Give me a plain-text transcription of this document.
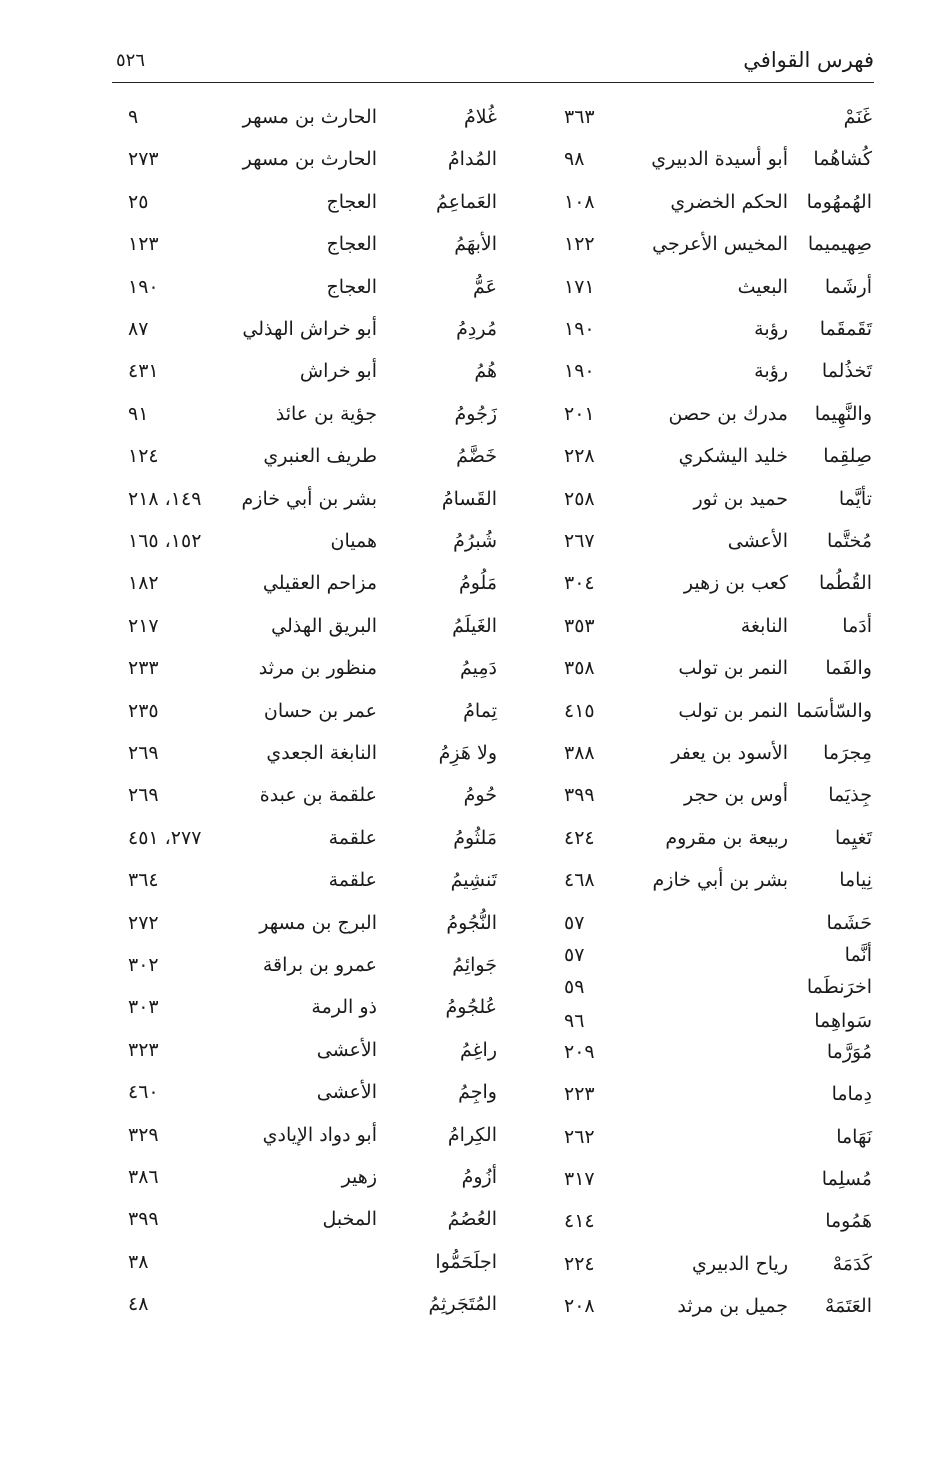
فهرس القوافي
٥٢٦
غَنَمْ
٣٦٣
كُشاهُما
أبو أسيدة الدبيري
٩٨
الهُمهُوما
الحكم الخضري
١٠٨
صِهيميما
المخيس الأعرجي
١٢٢
أرشَما
البعيث
١٧١
تَقَمقَما
رؤبة
١٩٠
تَخذُلما
رؤبة
١٩٠
والنَّهِيما
مدرك بن حصن
٢٠١
صِلقِما
خليد اليشكري
٢٢٨
تأيَّما
حميد بن ثور
٢٥٨
مُختَّما
الأعشى
٢٦٧
القُطُما
كعب بن زهير
٣٠٤
أدَما
النابغة
٣٥٣
والفَما
النمر بن تولب
٣٥٨
والسّأسَما
النمر بن تولب
٤١٥
مِجرَما
الأسود بن يعفر
٣٨٨
جِذيَما
أوس بن حجر
٣٩٩
تَغيِما
ربيعة بن مقروم
٤٢٤
نِياما
بشر بن أبي خازم
٤٦٨
حَشَما
٥٧
أنَّما
٥٧
اخرَنطَما
٥٩
سَواهِما
٩٦
مُوَرَّما
٢٠٩
دِماما
٢٢٣
نَهَاما
٢٦٢
مُسلِما
٣١٧
هَمُوما
٤١٤
كَدَمَهْ
رياح الدبيري
٢٢٤
العَتَمَهْ
جميل بن مرثد
٢٠٨
غُلامُ
الحارث بن مسهر
٩
المُدامُ
الحارث بن مسهر
٢٧٣
العَماعِمُ
العجاج
٢٥
الأبهَمُ
العجاج
١٢٣
عَمُّ
العجاج
١٩٠
مُردِمُ
أبو خراش الهذلي
٨٧
هُمُ
أبو خراش
٤٣١
زَجُومُ
جؤية بن عائذ
٩١
خَضَّمُ
طريف العنبري
١٢٤
القَسامُ
بشر بن أبي خازم
١٤٩، ٢١٨
شُبرُمُ
هميان
١٥٢، ١٦٥
مَلُومُ
مزاحم العقيلي
١٨٢
الغَيلَمُ
البريق الهذلي
٢١٧
دَمِيمُ
منظور بن مرثد
٢٣٣
تِمامُ
عمر بن حسان
٢٣٥
ولا هَزِمُ
النابغة الجعدي
٢٦٩
حُومُ
علقمة بن عبدة
٢٦٩
مَلثُومُ
علقمة
٢٧٧، ٤٥١
تَنشِيمُ
علقمة
٣٦٤
النُّجُومُ
البرج بن مسهر
٢٧٢
جَوائِمُ
عمرو بن براقة
٣٠٢
عُلجُومُ
ذو الرمة
٣٠٣
راغِمُ
الأعشى
٣٢٣
واجِمُ
الأعشى
٤٦٠
الكِرامُ
أبو دواد الإيادي
٣٢٩
أزُومُ
زهير
٣٨٦
العُصُمُ
المخبل
٣٩٩
اجلَحَمُّوا
٣٨
المُتَجَرثِمُ
٤٨
